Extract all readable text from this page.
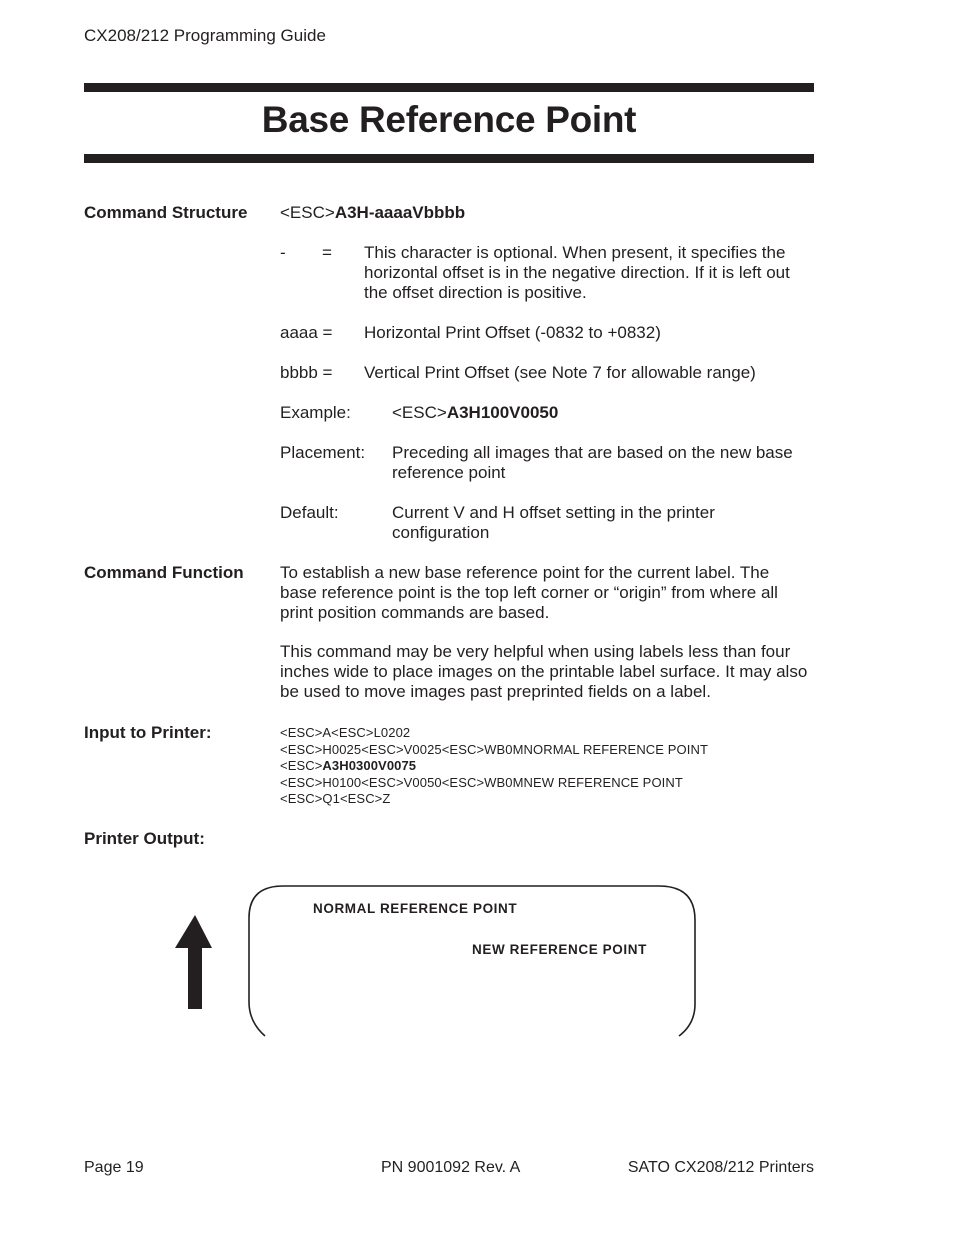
CX208/212 Programming Guide
Base Reference Point
Command Structure <ESC>A3H-aaaaVbbbb
- = This character is optional. When present, it specifies the
horizontal offset is in the negative direction. If it is left out
the offset direction is positive.
aaaa = Horizontal Print Offset (-0832 to +0832)
bbbb = Vertical Print Offset (see Note 7 for allowable range)
Example: <ESC>A3H100V0050
Placement: Preceding all images that are based on the new base
reference point
Default:	Current V and H offset setting in the printer
configuration
Command Function To establish a new base reference point for the current label. The
base reference point is the top left corner or “origin” from where all
print position commands are based.
This command may be very helpful when using labels less than four
inches wide to place images on the printable label surface. It may also
be used to move images past preprinted fields on a label.
Input to Printer:	<ESC>A<ESC>L0202
<ESC>H0025<ESC>V0025<ESC>WB0MNORMAL REFERENCE POINT
<ESC>A3H0300V0075
<ESC>H0100<ESC>V0050<ESC>WB0MNEW REFERENCE POINT
<ESC>Q1<ESC>Z
Printer Output:
NORMAL REFERENCE POINT
NEW REFERENCE POINT
Page 19	PN 9001092 Rev. A	SATO CX208/212 Printers
